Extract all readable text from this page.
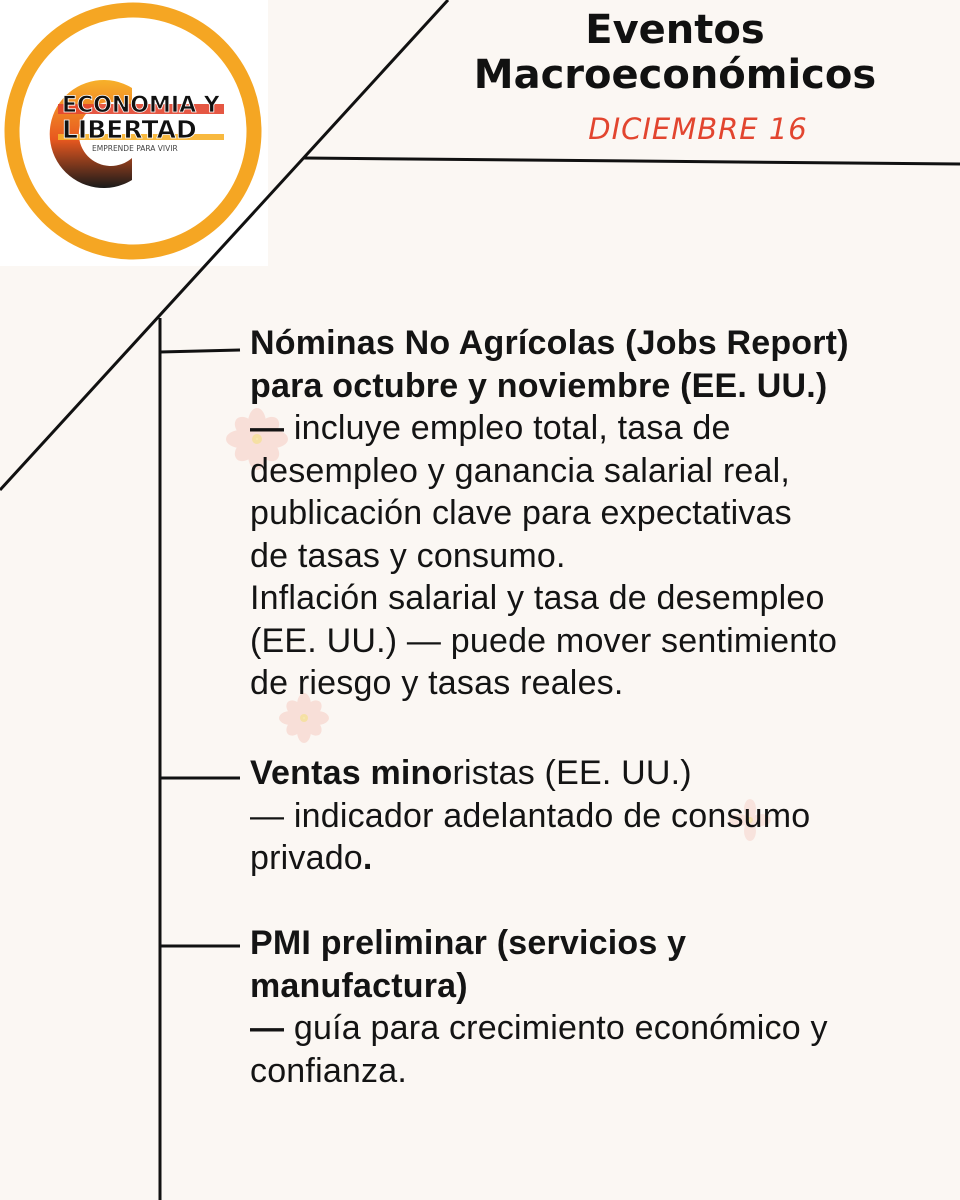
ECONOMIA Y
LIBERTAD
EMPRENDE PARA VIVIR
Eventos
Macroeconómicos
DICIEMBRE 16
Nóminas No Agrícolas (Jobs Report)
para octubre y noviembre (EE. UU.)
— incluye empleo total, tasa de
desempleo y ganancia salarial real,
publicación clave para expectativas
de tasas y consumo.
Inflación salarial y tasa de desempleo
(EE. UU.) — puede mover sentimiento
de riesgo y tasas reales.
Ventas minoristas (EE. UU.)
— indicador adelantado de consumo
privado.
PMI preliminar (servicios y
manufactura)
— guía para crecimiento económico y
confianza.
